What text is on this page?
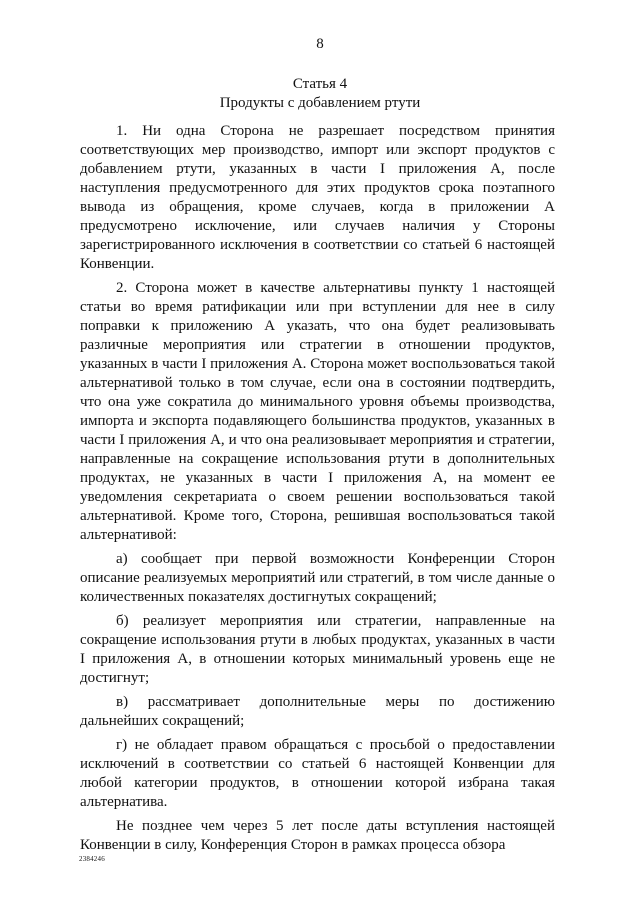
8
Статья 4
Продукты с добавлением ртути

1. Ни одна Сторона не разрешает посредством принятия соответствующих мер производство, импорт или экспорт продуктов с добавлением ртути, указанных в части I приложения А, после наступления предусмотренного для этих продуктов срока поэтапного вывода из обращения, кроме случаев, когда в приложении А предусмотрено исключение, или случаев наличия у Стороны зарегистрированного исключения в соответствии со статьей 6 настоящей Конвенции.

2. Сторона может в качестве альтернативы пункту 1 настоящей статьи во время ратификации или при вступлении для нее в силу поправки к приложению А указать, что она будет реализовывать различные мероприятия или стратегии в отношении продуктов, указанных в части I приложения А. Сторона может воспользоваться такой альтернативой только в том случае, если она в состоянии подтвердить, что она уже сократила до минимального уровня объемы производства, импорта и экспорта подавляющего большинства продуктов, указанных в части I приложения А, и что она реализовывает мероприятия и стратегии, направленные на сокращение использования ртути в дополнительных продуктах, не указанных в части I приложения А, на момент ее уведомления секретариата о своем решении воспользоваться такой альтернативой. Кроме того, Сторона, решившая воспользоваться такой альтернативой:

а) сообщает при первой возможности Конференции Сторон описание реализуемых мероприятий или стратегий, в том числе данные о количественных показателях достигнутых сокращений;

б) реализует мероприятия или стратегии, направленные на сокращение использования ртути в любых продуктах, указанных в части I приложения А, в отношении которых минимальный уровень еще не достигнут;

в) рассматривает дополнительные меры по достижению дальнейших сокращений;

г) не обладает правом обращаться с просьбой о предоставлении исключений в соответствии со статьей 6 настоящей Конвенции для любой категории продуктов, в отношении которой избрана такая альтернатива.

Не позднее чем через 5 лет после даты вступления настоящей Конвенции в силу, Конференция Сторон в рамках процесса обзора

2384246
